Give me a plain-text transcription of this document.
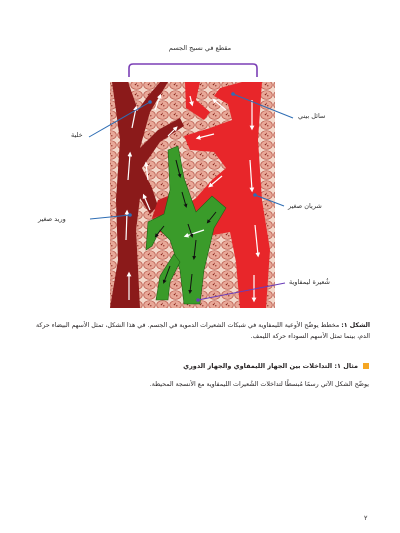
مقطع في نسيج الجسم
خلية
سائل بيني
شريان صغير
وريد صغير
شُعيرة ليمفاوية
الشكل ١: مخطط يوضّح الأوعية الليمفاوية في شبكات الشعيرات الدموية في الجسم. في هذا الشكل، تمثل الأسهم البيضاء حركة الدم، بينما تمثل الأسهم السوداء حركة الليمف.
مثال ١: التداخلات بين الجهاز الليمفاوي والجهاز الدوري
يوضّح الشكل الآتي رسمًا مُبسطًا لتداخلات الشُعيرات الليمفاوية مع الأنسجة المحيطة.
٢
